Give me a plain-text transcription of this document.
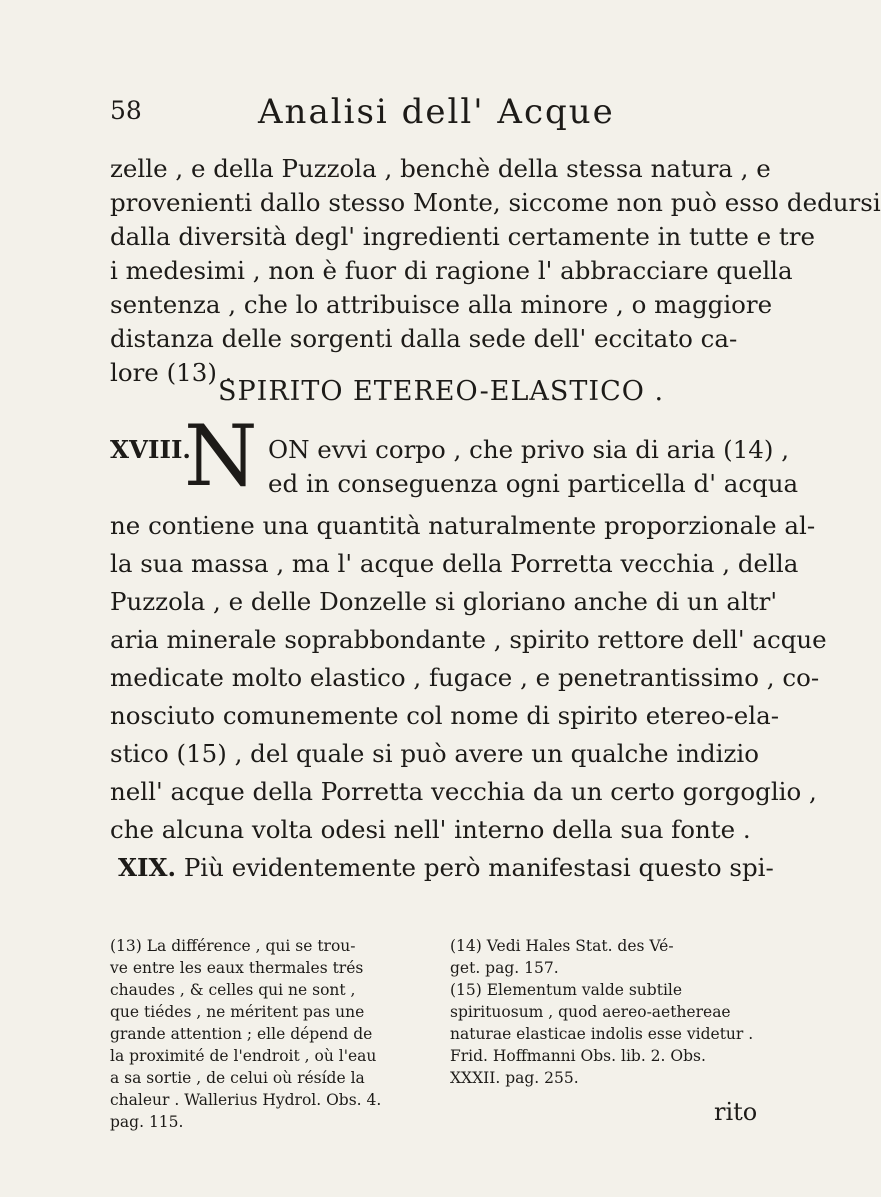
58	Analisi dell' Acque
zelle , e della Puzzola , benchè della stessa natura , e
provenienti dallo stesso Monte, siccome non può esso dedursi
dalla diversità degl' ingredienti certamente in tutte e tre
i medesimi , non è fuor di ragione l' abbracciare quella
sentenza , che lo attribuisce alla minore , o maggiore
distanza delle sorgenti dalla sede dell' eccitato ca-
lore (13) .
SPIRITO ETEREO-ELASTICO .
XVIII.
N ON evvi corpo , che privo sia di aria (14) ,
ed in conseguenza ogni particella d' acqua
ne contiene una quantità naturalmente proporzionale al-
la sua massa , ma l' acque della Porretta vecchia , della
Puzzola , e delle Donzelle si gloriano anche di un altr'
aria minerale soprabbondante , spirito rettore dell' acque
medicate molto elastico , fugace , e penetrantissimo , co-
nosciuto comunemente col nome di spirito etereo-ela-
stico (15) , del quale si può avere un qualche indizio
nell' acque della Porretta vecchia da un certo gorgoglio ,
che alcuna volta odesi nell' interno della sua fonte .
XIX. Più evidentemente però manifestasi questo spi-
rito
(13) La différence , qui se trou-
ve entre les eaux thermales trés
chaudes , & celles qui ne sont ,
que tiédes , ne méritent pas une
grande attention ; elle dépend de
la proximité de l'endroit , où l'eau
a sa sortie , de celui où résíde la
chaleur . Wallerius Hydrol. Obs. 4.
pag. 115.
(14) Vedi Hales Stat. des Vé-
get. pag. 157.
(15) Elementum valde subtile
spirituosum , quod aereo-aethereae
naturae elasticae indolis esse videtur .
Frid. Hoffmanni Obs. lib. 2. Obs.
XXXII. pag. 255.
